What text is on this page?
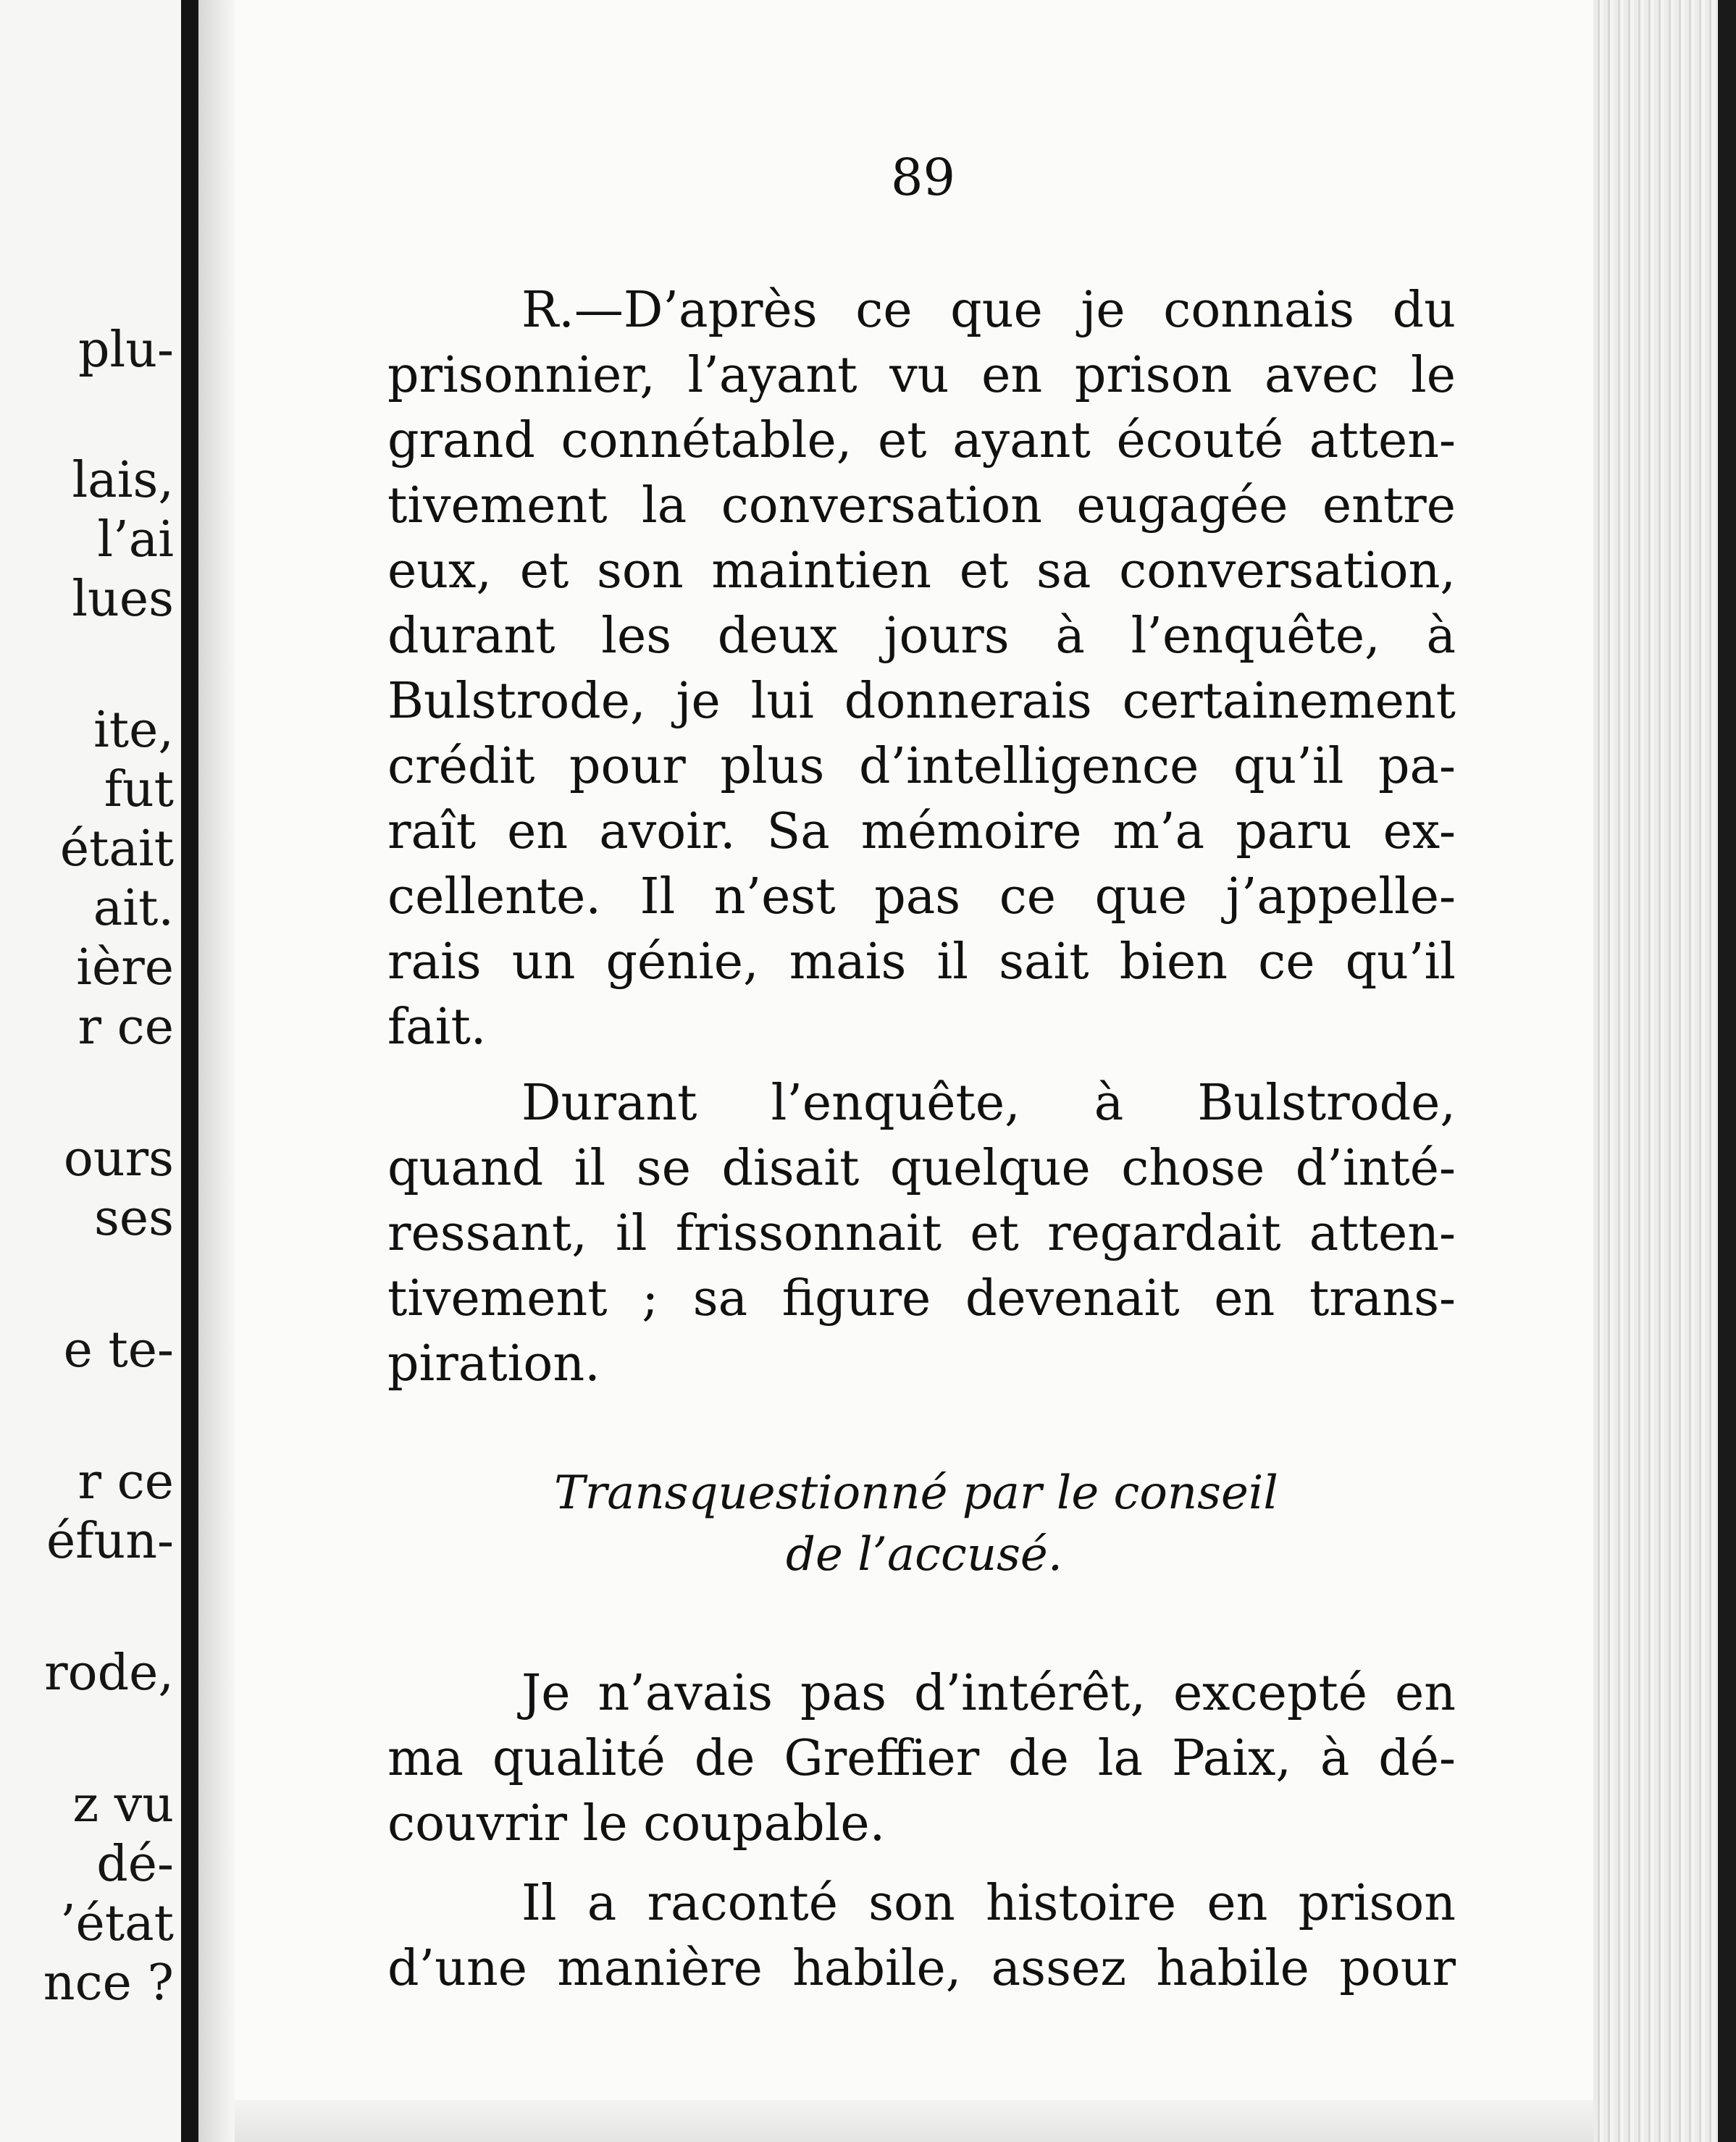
plu-
lais,
l’ai
lues
ite,
fut
était
ait.
ière
r ce
ours
ses
e te-
r ce
éfun-
rode,
z vu
dé-
’état
nce ?
89
R.—D’après ce que je connais du
prisonnier, l’ayant vu en prison avec le
grand connétable, et ayant écouté atten-
tivement la conversation eugagée entre
eux, et son maintien et sa conversation,
durant les deux jours à l’enquête, à
Bulstrode, je lui donnerais certainement
crédit pour plus d’intelligence qu’il pa-
raît en avoir. Sa mémoire m’a paru ex-
cellente. Il n’est pas ce que j’appelle-
rais un génie, mais il sait bien ce qu’il
fait.
Durant l’enquête, à Bulstrode,
quand il se disait quelque chose d’inté-
ressant, il frissonnait et regardait atten-
tivement ; sa figure devenait en trans-
piration.
Transquestionné par le conseil
de l’accusé.
Je n’avais pas d’intérêt, excepté en
ma qualité de Greffier de la Paix, à dé-
couvrir le coupable.
Il a raconté son histoire en prison
d’une manière habile, assez habile pour
